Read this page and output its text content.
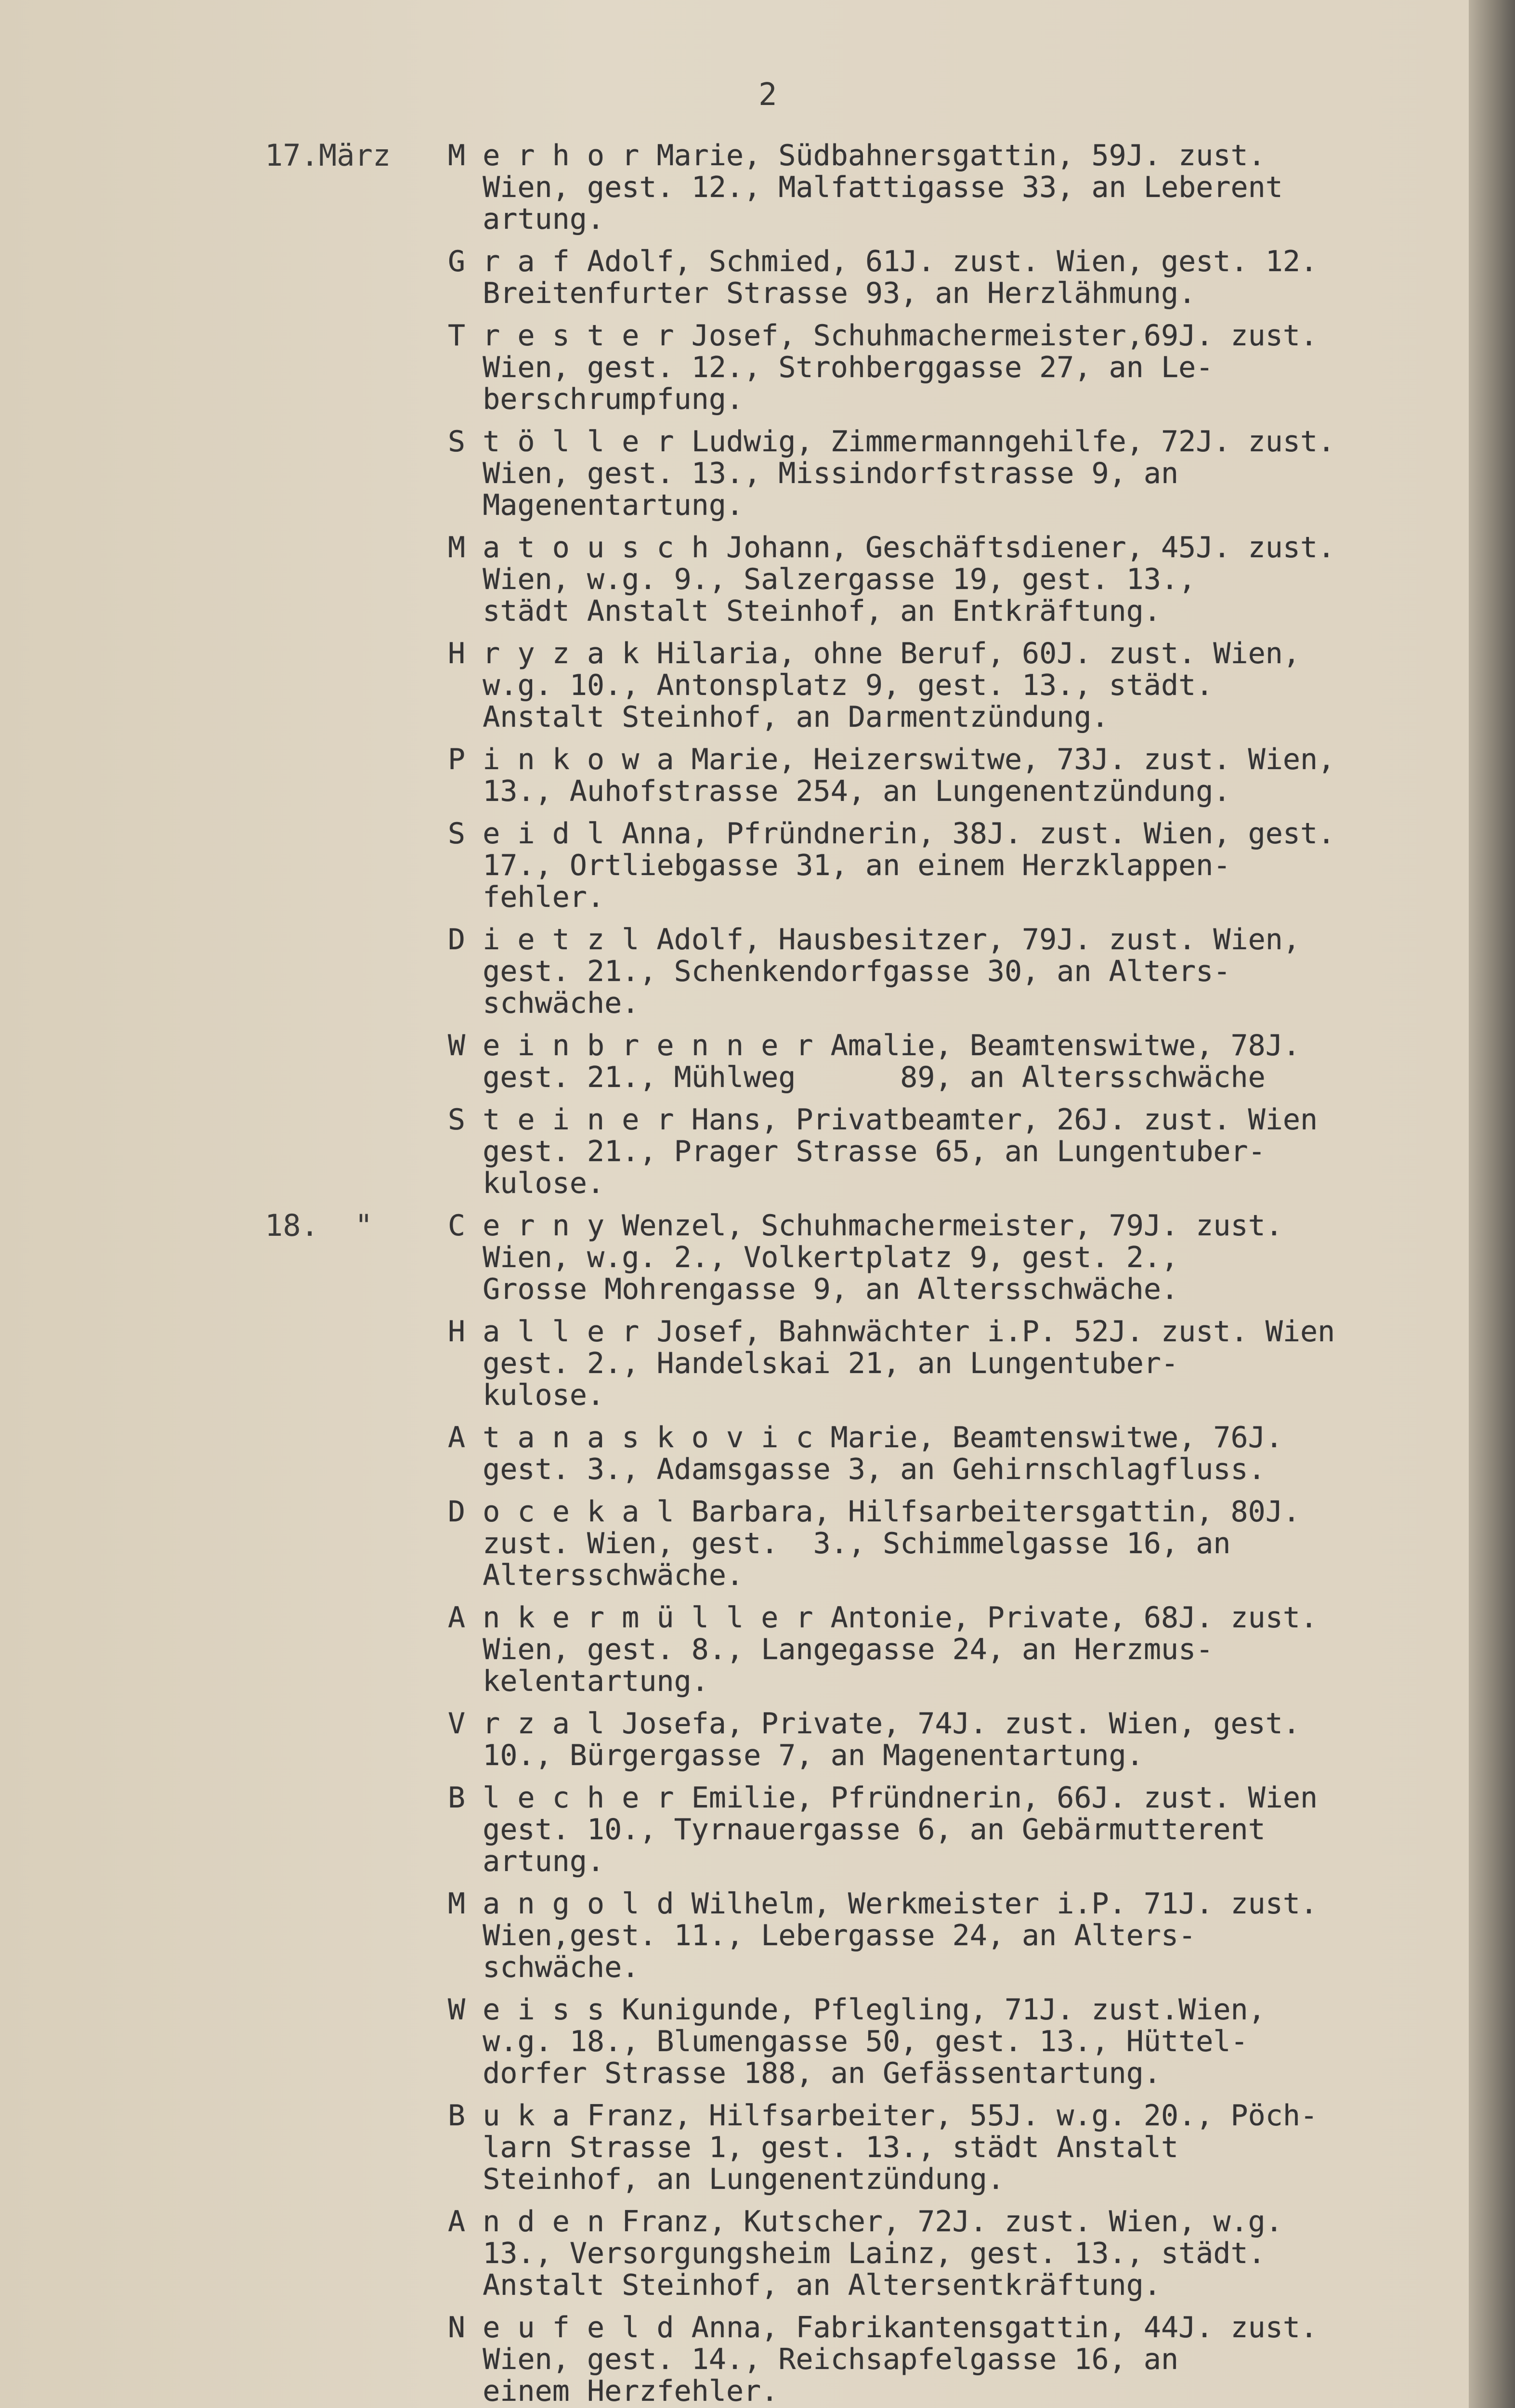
2
17.März M e r h o r Marie, Südbahnersgattin, 59J. zust.
Wien, gest. 12., Malfattigasse 33, an Leberent
artung.
G r a f Adolf, Schmied, 61J. zust. Wien, gest. 12.
Breitenfurter Strasse 93, an Herzlähmung.
T r e s t e r Josef, Schuhmachermeister,69J. zust.
Wien, gest. 12., Strohberggasse 27, an Le-
berschrumpfung.
S t ö l l e r Ludwig, Zimmermanngehilfe, 72J. zust.
Wien, gest. 13., Missindorfstrasse 9, an
Magenentartung.
M a t o u s c h Johann, Geschäftsdiener, 45J. zust.
Wien, w.g. 9., Salzergasse 19, gest. 13.,
städt Anstalt Steinhof, an Entkräftung.
H r y z a k Hilaria, ohne Beruf, 60J. zust. Wien,
w.g. 10., Antonsplatz 9, gest. 13., städt.
Anstalt Steinhof, an Darmentzündung.
P i n k o w a Marie, Heizerswitwe, 73J. zust. Wien,
13., Auhofstrasse 254, an Lungenentzündung.
S e i d l Anna, Pfründnerin, 38J. zust. Wien, gest.
17., Ortliebgasse 31, an einem Herzklappen-
fehler.
D i e t z l Adolf, Hausbesitzer, 79J. zust. Wien,
gest. 21., Schenkendorfgasse 30, an Alters-
schwäche.
W e i n b r e n n e r Amalie, Beamtenswitwe, 78J.
gest. 21., Mühlweg      89, an Altersschwäche
S t e i n e r Hans, Privatbeamter, 26J. zust. Wien
gest. 21., Prager Strasse 65, an Lungentuber-
kulose.
18.  "	C e r n y Wenzel, Schuhmachermeister, 79J. zust.
Wien, w.g. 2., Volkertplatz 9, gest. 2.,
Grosse Mohrengasse 9, an Altersschwäche.
H a l l e r Josef, Bahnwächter i.P. 52J. zust. Wien
gest. 2., Handelskai 21, an Lungentuber-
kulose.
A t a n a s k o v i c Marie, Beamtenswitwe, 76J.
gest. 3., Adamsgasse 3, an Gehirnschlagfluss.
D o c e k a l Barbara, Hilfsarbeitersgattin, 80J.
zust. Wien, gest.  3., Schimmelgasse 16, an
Altersschwäche.
A n k e r m ü l l e r Antonie, Private, 68J. zust.
Wien, gest. 8., Langegasse 24, an Herzmus-
kelentartung.
V r z a l Josefa, Private, 74J. zust. Wien, gest.
10., Bürgergasse 7, an Magenentartung.
B l e c h e r Emilie, Pfründnerin, 66J. zust. Wien
gest. 10., Tyrnauergasse 6, an Gebärmutterent
artung.
M a n g o l d Wilhelm, Werkmeister i.P. 71J. zust.
Wien,gest. 11., Lebergasse 24, an Alters-
schwäche.
W e i s s Kunigunde, Pflegling, 71J. zust.Wien,
w.g. 18., Blumengasse 50, gest. 13., Hüttel-
dorfer Strasse 188, an Gefässentartung.
B u k a Franz, Hilfsarbeiter, 55J. w.g. 20., Pöch-
larn Strasse 1, gest. 13., städt Anstalt
Steinhof, an Lungenentzündung.
A n d e n Franz, Kutscher, 72J. zust. Wien, w.g.
13., Versorgungsheim Lainz, gest. 13., städt.
Anstalt Steinhof, an Altersentkräftung.
N e u f e l d Anna, Fabrikantensgattin, 44J. zust.
Wien, gest. 14., Reichsapfelgasse 16, an
einem Herzfehler.
